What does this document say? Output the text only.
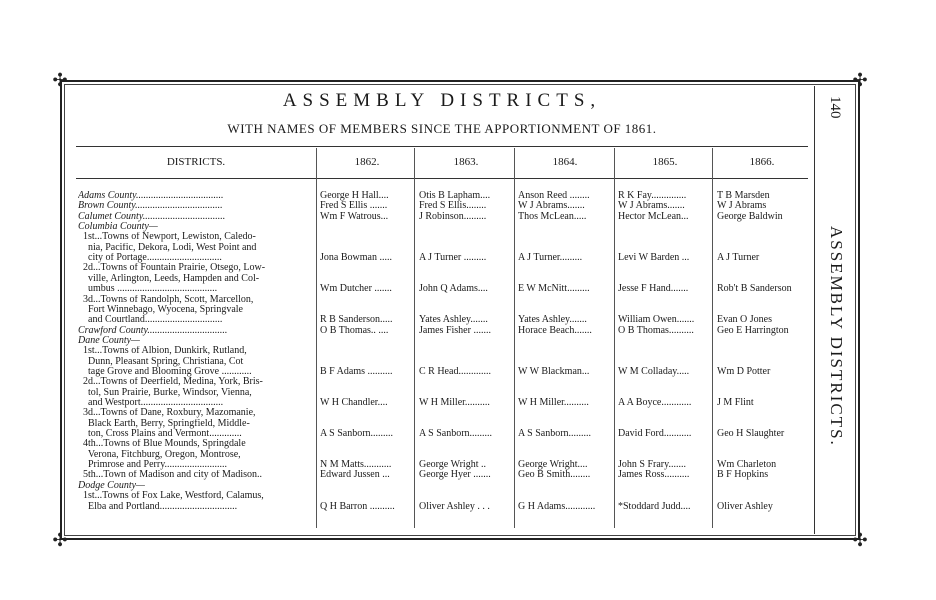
✣	✣
✣	✣
140
ASSEMBLY DISTRICTS.
ASSEMBLY DISTRICTS,
WITH NAMES OF MEMBERS SINCE THE APPORTIONMENT OF 1861.
DISTRICTS.	1862.	1863.	1864.	1865.	1866.
Adams County...................................	George H Hall....	Otis B Lapham....	Anson Reed ........	R K Fay..............	T B Marsden
Brown County...................................	Fred S Ellis .......	Fred S Ellis........	W J Abrams.......	W J Abrams.......	W J Abrams
Calumet County.................................	Wm F Watrous...	J Robinson.........	Thos McLean.....	Hector McLean...	George Baldwin
Columbia County—
1st...Towns of Newport, Lewiston, Caledo-
nia, Pacific, Dekora, Lodi, West Point and
city of Portage..............................	Jona Bowman .....	A J Turner .........	A J Turner.........	Levi W Barden ...	A J Turner
2d...Towns of Fountain Prairie, Otsego, Low-
ville, Arlington, Leeds, Hampden and Col-
umbus ........................................	Wm Dutcher .......	John Q Adams....	E W McNitt.........	Jesse F Hand.......	Rob't B Sanderson
3d...Towns of Randolph, Scott, Marcellon,
Fort Winnebago, Wyocena, Springvale
and Courtland...............................	R B Sanderson.....	Yates Ashley.......	Yates Ashley.......	William Owen.......	Evan O Jones
Crawford County................................	O B Thomas.. ....	James Fisher .......	Horace Beach.......	O B Thomas..........	Geo E Harrington
Dane County—
1st...Towns of Albion, Dunkirk, Rutland,
Dunn, Pleasant Spring, Christiana, Cot
tage Grove and Blooming Grove ............	B F Adams ..........	C R Head.............	W W Blackman...	W M Colladay.....	Wm D Potter
2d...Towns of Deerfield, Medina, York, Bris-
tol, Sun Prairie, Burke, Windsor, Vienna,
and Westport.................................	W H Chandler....	W H Miller..........	W H Miller..........	A A Boyce............	J M Flint
3d...Towns of Dane, Roxbury, Mazomanie,
Black Earth, Berry, Springfield, Middle-
ton, Cross Plains and Vermont.............	A S Sanborn.........	A S Sanborn.........	A S Sanborn.........	David Ford...........	Geo H Slaughter
4th...Towns of Blue Mounds, Springdale
Verona, Fitchburg, Oregon, Montrose,
Primrose and Perry.........................	N M Matts...........	George Wright ..	George Wright....	John S Frary.......	Wm Charleton
5th...Town of Madison and city of Madison..	Edward Jussen ...	George Hyer .......	Geo B Smith........	James Ross..........	B F Hopkins
Dodge County—
1st...Towns of Fox Lake, Westford, Calamus,
Elba and Portland...............................	Q H Barron ..........	Oliver Ashley . . .	G H Adams............	*Stoddard Judd....	Oliver Ashley
